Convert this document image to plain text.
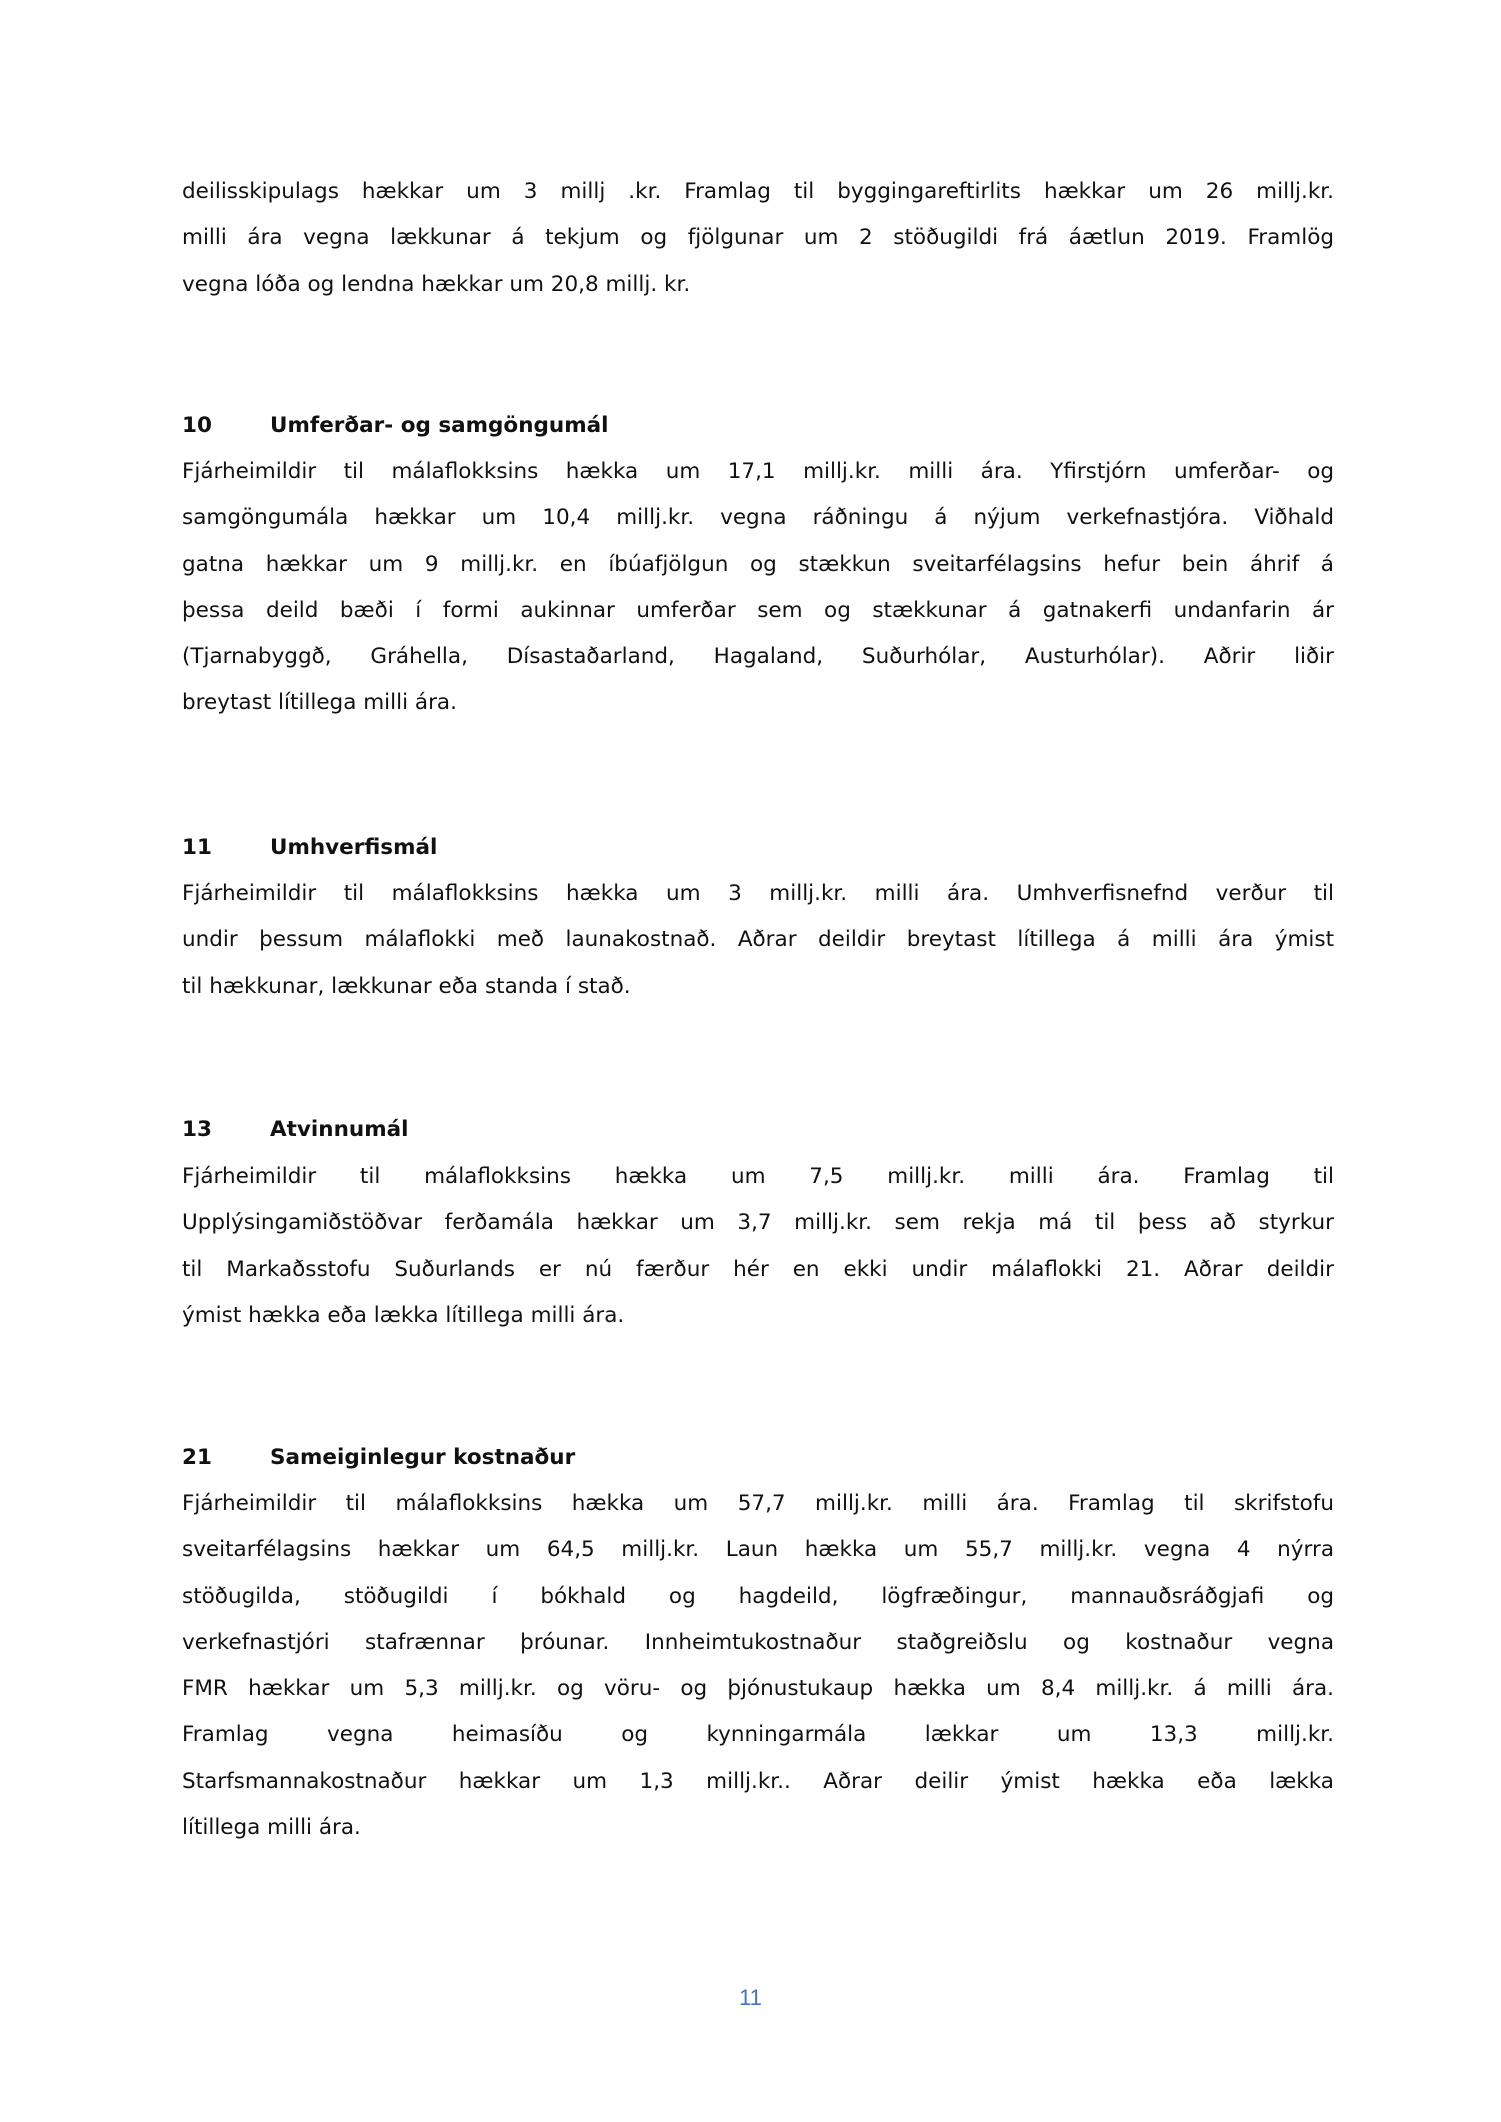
deilisskipulags hækkar um 3 millj .kr. Framlag til byggingareftirlits hækkar um 26 millj.kr.
milli ára vegna lækkunar á tekjum og fjölgunar um 2 stöðugildi frá áætlun 2019. Framlög
vegna lóða og lendna hækkar um 20,8 millj. kr.
10	Umferðar- og samgöngumál
Fjárheimildir til málaflokksins hækka um 17,1 millj.kr. milli ára. Yfirstjórn umferðar- og
samgöngumála hækkar um 10,4 millj.kr. vegna ráðningu á nýjum verkefnastjóra. Viðhald
gatna hækkar um 9 millj.kr. en íbúafjölgun og stækkun sveitarfélagsins hefur bein áhrif á
þessa deild bæði í formi aukinnar umferðar sem og stækkunar á gatnakerfi undanfarin ár
(Tjarnabyggð, Gráhella, Dísastaðarland, Hagaland, Suðurhólar, Austurhólar). Aðrir liðir
breytast lítillega milli ára.
11	Umhverfismál
Fjárheimildir til málaflokksins hækka um 3 millj.kr. milli ára. Umhverfisnefnd verður til
undir þessum málaflokki með launakostnað. Aðrar deildir breytast lítillega á milli ára ýmist
til hækkunar, lækkunar eða standa í stað.
13	Atvinnumál
Fjárheimildir til málaflokksins hækka um 7,5 millj.kr. milli ára. Framlag til
Upplýsingamiðstöðvar ferðamála hækkar um 3,7 millj.kr. sem rekja má til þess að styrkur
til Markaðsstofu Suðurlands er nú færður hér en ekki undir málaflokki 21. Aðrar deildir
ýmist hækka eða lækka lítillega milli ára.
21	Sameiginlegur kostnaður
Fjárheimildir til málaflokksins hækka um 57,7 millj.kr. milli ára. Framlag til skrifstofu
sveitarfélagsins hækkar um 64,5 millj.kr. Laun hækka um 55,7 millj.kr. vegna 4 nýrra
stöðugilda, stöðugildi í bókhald og hagdeild, lögfræðingur, mannauðsráðgjafi og
verkefnastjóri stafrænnar þróunar. Innheimtukostnaður staðgreiðslu og kostnaður vegna
FMR hækkar um 5,3 millj.kr. og vöru- og þjónustukaup hækka um 8,4 millj.kr. á milli ára.
Framlag vegna heimasíðu og kynningarmála lækkar um 13,3 millj.kr.
Starfsmannakostnaður hækkar um 1,3 millj.kr.. Aðrar deilir ýmist hækka eða lækka
lítillega milli ára.
11
